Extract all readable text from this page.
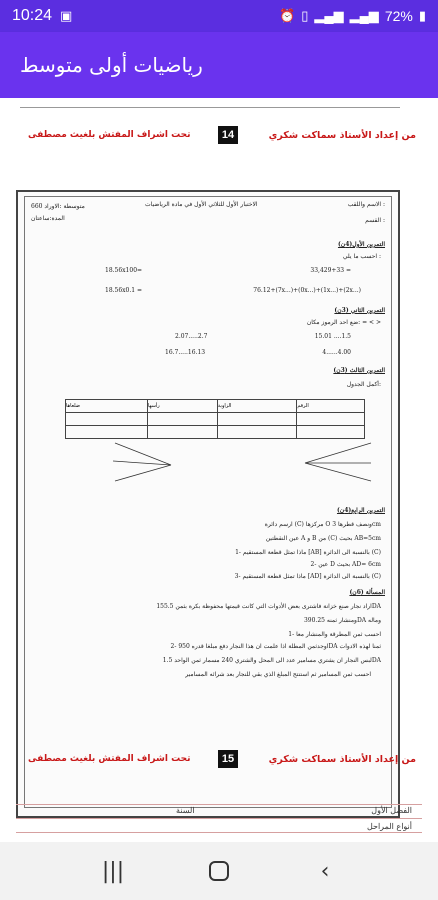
10:24 ▣	⏰ ▯ ▂▄▆ ▂▄▆ 72% ▮
رياضيات أولى متوسط
تحت اشراف المفتش بلغيث مصطفى	14	من إعداد الأستاذ سماكت شكري
متوسطة :الاوراد 660
المدة:ساعتان
الاختبار الأول للثلاثي الأول في مادة الرياضيات	الاسم واللقب :
القسم :
التمرين الأول(4ن)
احسب ما يلي :
33,429+33 =
18.56x100=
76.12+(7x...)+(0x...)+(1x...)+(2x...)
18.56x0.1 =
التمرين الثاني (3ن)
ضع احد الرموز مكان: = < >
15.01 ....1.5
2.07.....2.7
4......4.00
16.7.....16.13
التمرين الثالث (3ن)
أكمل الجدول:
ضلعاها	رأسها	الزاوية	الرقم

التمرين الرابع(4ن)
ارسم دائرة (C) مركزها O ونصف قطرها 3cm
عين النقطتين A و B من (C) بحيث AB=5cm
1- ماذا تمثل قطعة المستقيم [AB] بالنسبة الى الدائرة (C)
2- عين D بحيث AD= 6cm
3- ماذا تمثل قطعة المستقيم [AD] بالنسبة الى الدائرة (C)
المسألة (6ن)
اراد نجار صنع خزانة فاشترى بعض الأدوات التي كانت قيمتها محفوظة بكرة بثمن 155.5DA
ومنشار ثمنه 390.25DA وماله
1- احسب ثمن المطرقة والمنشار معا
2- اوجدثمن المطلة اذا علمت ان هذا النجار دفع مبلغا قدره 950DA ثمنا لهذه الادوات
لبس النجار ان يشتري مسامير عدد الى المحل والشتري 240 مسمار ثمن الواحد 1.5DA
احسب ثمن المسامير ثم استنتج المبلغ الذي بقي للنجار بعد شرائه المسامير
تحت اشراف المفتش بلغيث مصطفى	15	من إعداد الأستاذ سماكت شكري
الفصل الأول
السنة
أنواع المراحل
|||	‹
